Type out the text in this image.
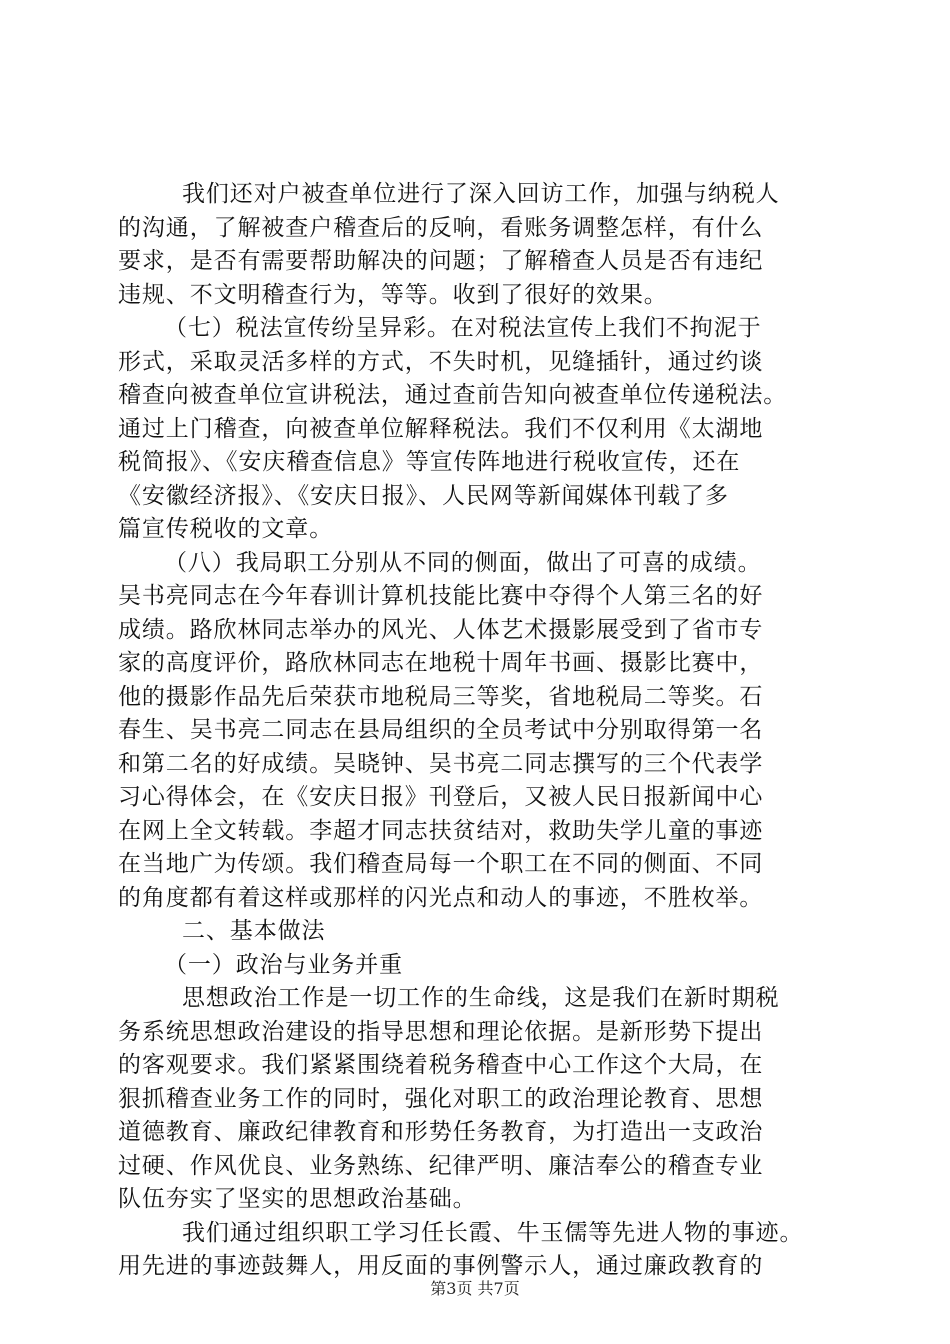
我们还对户被查单位进行了深入回访工作，加强与纳税人
的沟通，了解被查户稽查后的反响，看账务调整怎样，有什么
要求，是否有需要帮助解决的问题；了解稽查人员是否有违纪
违规、不文明稽查行为，等等。收到了很好的效果。
（七）税法宣传纷呈异彩。在对税法宣传上我们不拘泥于
形式，采取灵活多样的方式，不失时机，见缝插针，通过约谈
稽查向被查单位宣讲税法，通过查前告知向被查单位传递税法。
通过上门稽查，向被查单位解释税法。我们不仅利用《太湖地
税简报》、《安庆稽查信息》等宣传阵地进行税收宣传，还在
《安徽经济报》、《安庆日报》、人民网等新闻媒体刊载了多
篇宣传税收的文章。
（八）我局职工分别从不同的侧面，做出了可喜的成绩。
吴书亮同志在今年春训计算机技能比赛中夺得个人第三名的好
成绩。路欣林同志举办的风光、人体艺术摄影展受到了省市专
家的高度评价，路欣林同志在地税十周年书画、摄影比赛中，
他的摄影作品先后荣获市地税局三等奖，省地税局二等奖。石
春生、吴书亮二同志在县局组织的全员考试中分别取得第一名
和第二名的好成绩。吴晓钟、吴书亮二同志撰写的三个代表学
习心得体会，在《安庆日报》刊登后，又被人民日报新闻中心
在网上全文转载。李超才同志扶贫结对，救助失学儿童的事迹
在当地广为传颂。我们稽查局每一个职工在不同的侧面、不同
的角度都有着这样或那样的闪光点和动人的事迹，不胜枚举。
二、基本做法
（一）政治与业务并重
思想政治工作是一切工作的生命线，这是我们在新时期税
务系统思想政治建设的指导思想和理论依据。是新形势下提出
的客观要求。我们紧紧围绕着税务稽查中心工作这个大局，在
狠抓稽查业务工作的同时，强化对职工的政治理论教育、思想
道德教育、廉政纪律教育和形势任务教育，为打造出一支政治
过硬、作风优良、业务熟练、纪律严明、廉洁奉公的稽查专业
队伍夯实了坚实的思想政治基础。
我们通过组织职工学习任长霞、牛玉儒等先进人物的事迹。
用先进的事迹鼓舞人，用反面的事例警示人，通过廉政教育的
第3页 共7页
